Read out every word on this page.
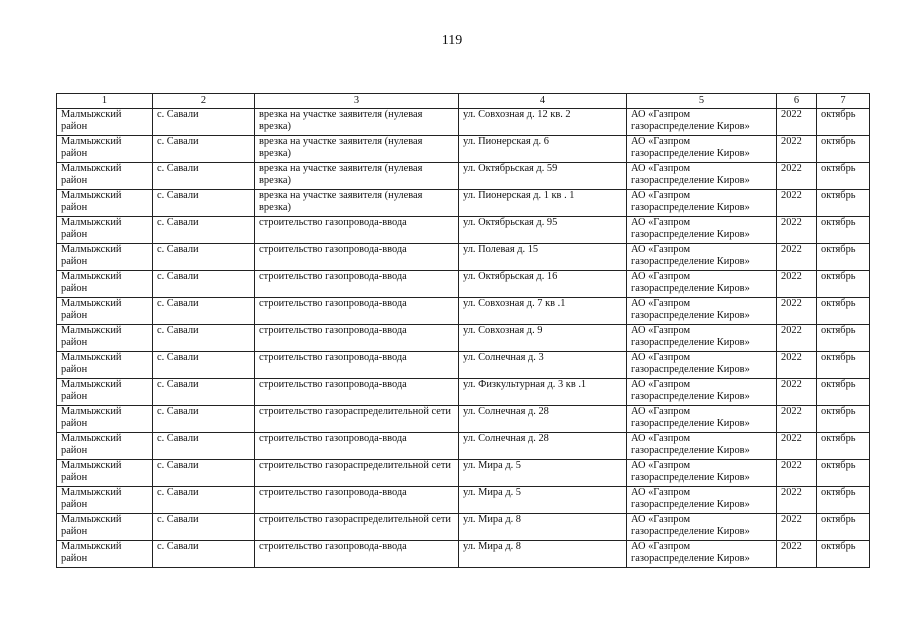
119
1	2	3	4	5	6	7
Малмыжский район	с. Савали	врезка на участке заявителя (нулевая врезка)	ул. Совхозная д. 12 кв. 2	АО «Газпром газораспределение Киров»	2022	октябрь
Малмыжский район	с. Савали	врезка на участке заявителя (нулевая врезка)	ул. Пионерская д. 6	АО «Газпром газораспределение Киров»	2022	октябрь
Малмыжский район	с. Савали	врезка на участке заявителя (нулевая врезка)	ул. Октябрьская д. 59	АО «Газпром газораспределение Киров»	2022	октябрь
Малмыжский район	с. Савали	врезка на участке заявителя (нулевая врезка)	ул. Пионерская д. 1 кв . 1	АО «Газпром газораспределение Киров»	2022	октябрь
Малмыжский район	с. Савали	строительство газопровода-ввода	ул. Октябрьская д. 95	АО «Газпром газораспределение Киров»	2022	октябрь
Малмыжский район	с. Савали	строительство газопровода-ввода	ул. Полевая д. 15	АО «Газпром газораспределение Киров»	2022	октябрь
Малмыжский район	с. Савали	строительство газопровода-ввода	ул. Октябрьская д. 16	АО «Газпром газораспределение Киров»	2022	октябрь
Малмыжский район	с. Савали	строительство газопровода-ввода	ул. Совхозная д. 7 кв .1	АО «Газпром газораспределение Киров»	2022	октябрь
Малмыжский район	с. Савали	строительство газопровода-ввода	ул. Совхозная д. 9	АО «Газпром газораспределение Киров»	2022	октябрь
Малмыжский район	с. Савали	строительство газопровода-ввода	ул. Солнечная д. 3	АО «Газпром газораспределение Киров»	2022	октябрь
Малмыжский район	с. Савали	строительство газопровода-ввода	ул. Физкультурная д. 3 кв .1	АО «Газпром газораспределение Киров»	2022	октябрь
Малмыжский район	с. Савали	строительство газораспределительной сети	ул. Солнечная д. 28	АО «Газпром газораспределение Киров»	2022	октябрь
Малмыжский район	с. Савали	строительство газопровода-ввода	ул. Солнечная д. 28	АО «Газпром газораспределение Киров»	2022	октябрь
Малмыжский район	с. Савали	строительство газораспределительной сети	ул. Мира д. 5	АО «Газпром газораспределение Киров»	2022	октябрь
Малмыжский район	с. Савали	строительство газопровода-ввода	ул. Мира д. 5	АО «Газпром газораспределение Киров»	2022	октябрь
Малмыжский район	с. Савали	строительство газораспределительной сети	ул. Мира д. 8	АО «Газпром газораспределение Киров»	2022	октябрь
Малмыжский район	с. Савали	строительство газопровода-ввода	ул. Мира д. 8	АО «Газпром газораспределение Киров»	2022	октябрь
